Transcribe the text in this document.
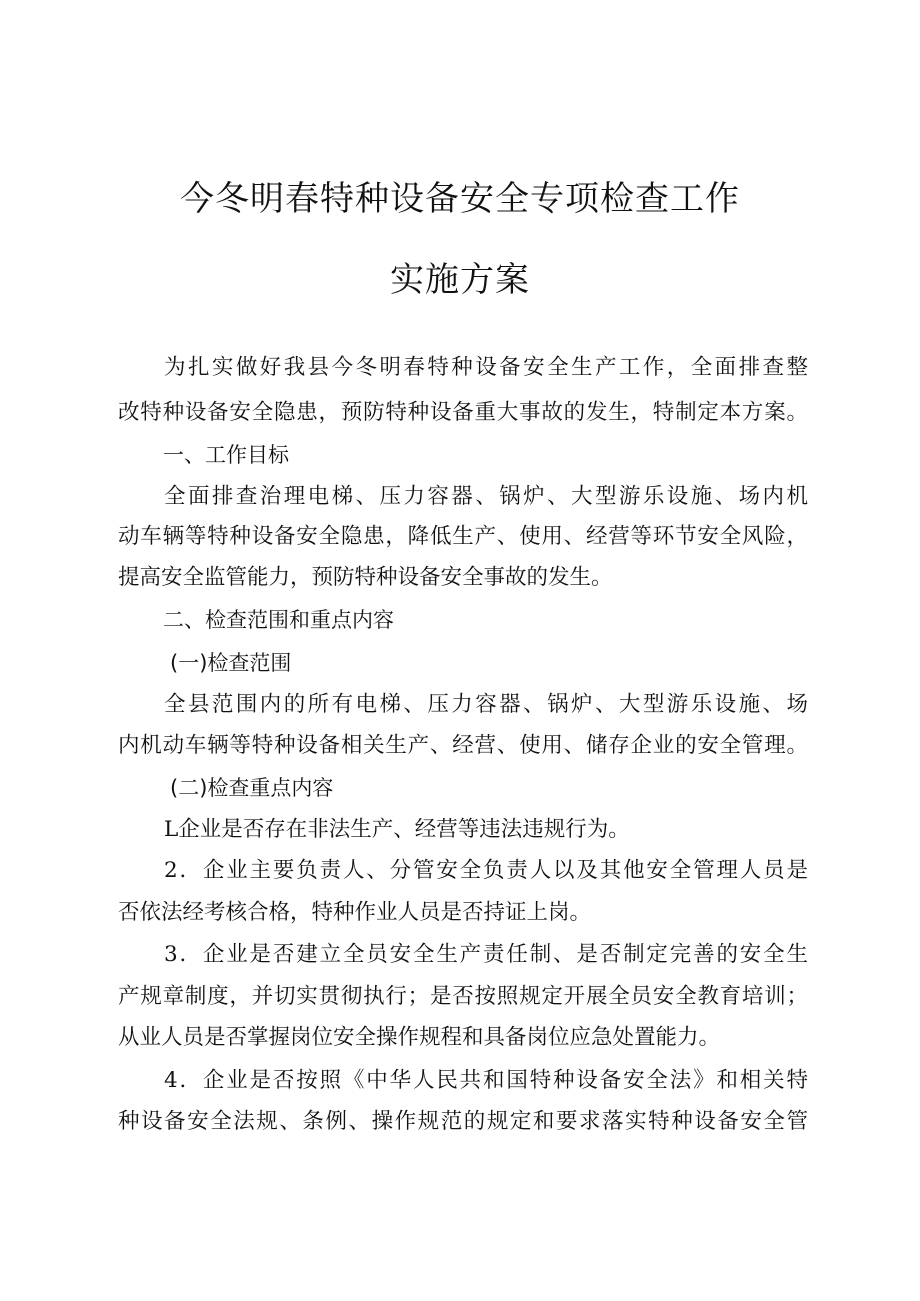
今冬明春特种设备安全专项检查工作
实施方案
为扎实做好我县今冬明春特种设备安全生产工作，全面排查整
改特种设备安全隐患，预防特种设备重大事故的发生，特制定本方案。
一、工作目标
全面排查治理电梯、压力容器、锅炉、大型游乐设施、场内机
动车辆等特种设备安全隐患，降低生产、使用、经营等环节安全风险，
提高安全监管能力，预防特种设备安全事故的发生。
二、检查范围和重点内容
(一)检查范围
全县范围内的所有电梯、压力容器、锅炉、大型游乐设施、场
内机动车辆等特种设备相关生产、经营、使用、储存企业的安全管理。
(二)检查重点内容
L企业是否存在非法生产、经营等违法违规行为。
2．企业主要负责人、分管安全负责人以及其他安全管理人员是
否依法经考核合格，特种作业人员是否持证上岗。
3．企业是否建立全员安全生产责任制、是否制定完善的安全生
产规章制度，并切实贯彻执行；是否按照规定开展全员安全教育培训；
从业人员是否掌握岗位安全操作规程和具备岗位应急处置能力。
4．企业是否按照《中华人民共和国特种设备安全法》和相关特
种设备安全法规、条例、操作规范的规定和要求落实特种设备安全管
